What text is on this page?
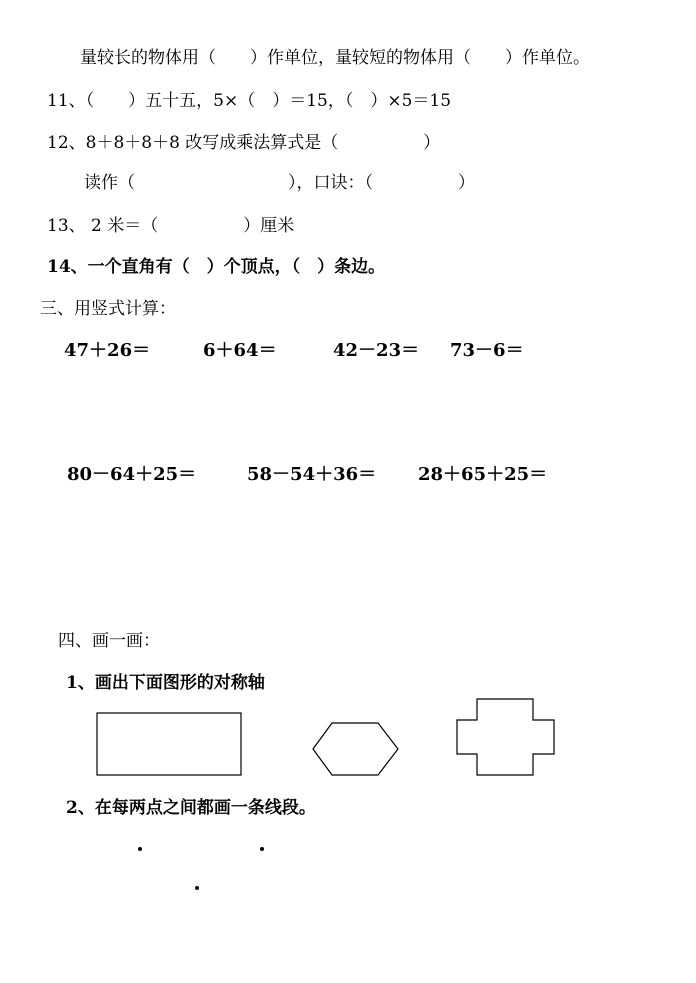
量较长的物体用（　　）作单位，量较短的物体用（　　）作单位。
11、（　　）五十五，5×（　）＝15，（　）×5＝15
12、8＋8＋8＋8 改写成乘法算式是（　　　　　）
读作（　　　　　　　　　），口诀：（　　　　　）
13、 2 米＝（　　　　　）厘米
14、一个直角有（　）个顶点，（　）条边。
三、用竖式计算：
47＋26＝	6＋64＝	42－23＝ 73－6＝
80－64＋25＝	58－54＋36＝ 28＋65＋25＝
四、画一画：
1、画出下面图形的对称轴
2、在每两点之间都画一条线段。
